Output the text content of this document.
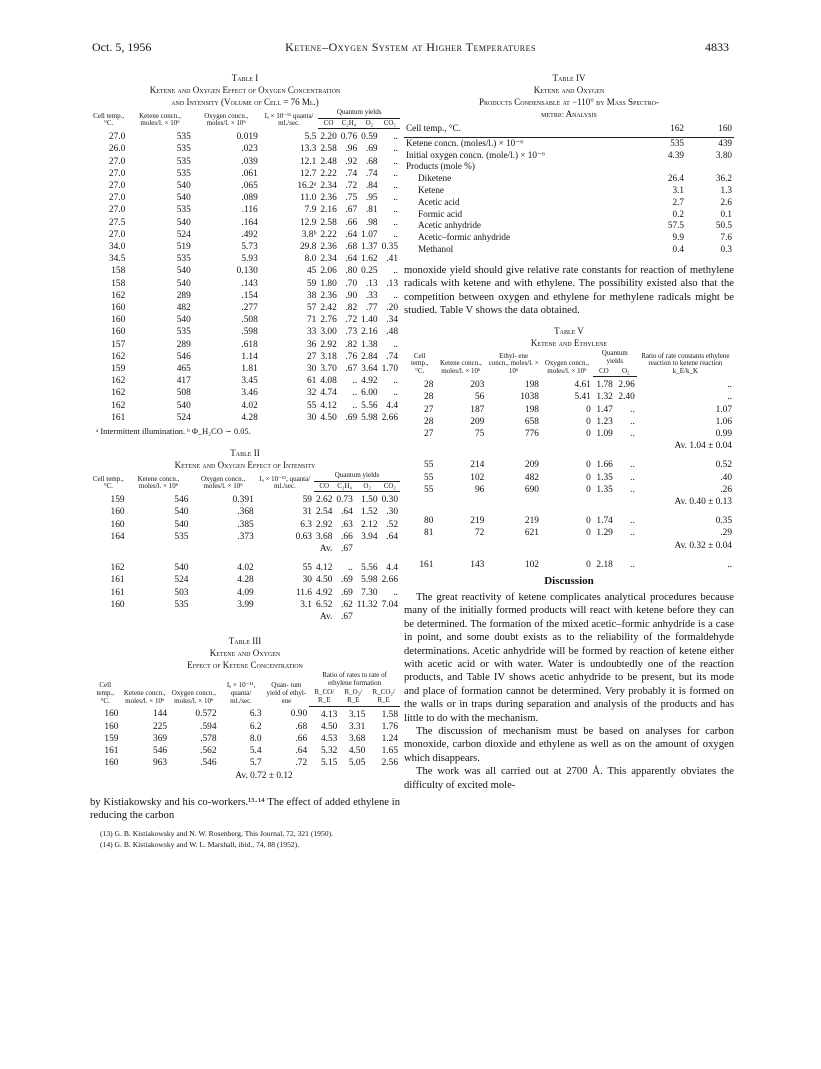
Oct. 5, 1956	Ketene–Oxygen System at Higher Temperatures	4833
Table I
Ketene and Oxygen Effect of Oxygen Concentration
and Intensity (Volume of Cell = 76 Ml.)
Cell temp., °C.	Ketene concn., moles/l. × 10⁶	Oxygen concn., moles/l. × 10⁶	Iₐ × 10⁻¹¹ quanta/ ml./sec.	Quantum yields			
				CO	C₂H₄	O₂	CO₂
27.0	535	0.019	5.5	2.20	0.76	0.59	..
26.0	535	.023	13.3	2.58	.96	.69	..
27.0	535	.039	12.1	2.48	.92	.68	..
27.0	535	.061	12.7	2.22	.74	.74	..
27.0	540	.065	16.2ᵃ	2.34	.72	.84	..
27.0	540	.089	11.0	2.36	.75	.95	..
27.0	535	.116	7.9	2.16	.67	.81	..
27.5	540	.164	12.9	2.58	.66	.98	..
27.0	524	.492	3.8ᵇ	2.22	.64	1.07	..
34.0	519	5.73	29.8	2.36	.68	1.37	0.35
34.5	535	5.93	8.0	2.34	.64	1.62	.41
158	540	0.130	45	2.06	.80	0.25	..
158	540	.143	59	1.80	.70	.13	.13
162	289	.154	38	2.36	.90	.33	..
160	482	.277	57	2.42	.82	.77	.20
160	540	.508	71	2.76	.72	1.40	.34
160	535	.598	33	3.00	.73	2.16	.48
157	289	.618	36	2.92	.82	1.38	..
162	546	1.14	27	3.18	.76	2.84	.74
159	465	1.81	30	3.70	.67	3.64	1.70
162	417	3.45	61	4.08	..	4.92	..
162	508	3.46	32	4.74	..	6.00	..
162	540	4.02	55	4.12	..	5.56	4.4
161	524	4.28	30	4.50	.69	5.98	2.66
ᵃ Intermittent illumination. ᵇ Φ_H₂CO ∼ 0.05.
Table II
Ketene and Oxygen Effect of Intensity
Cell temp., °C.	Ketene concn., moles/l. × 10⁶	Oxygen concn., moles/l. × 10⁶	Iₐ × 10⁻¹¹, quanta/ ml./sec.	Quantum yields			
				CO	C₂H₄	O₂	CO₂
159	546	0.391	59	2.62	0.73	1.50	0.30
160	540	.368	31	2.54	.64	1.52	.30
160	540	.385	6.3	2.92	.63	2.12	.52
164	535	.373	0.63	3.68	.66	3.94	.64
				Av.	.67		

162	540	4.02	55	4.12	..	5.56	4.4
161	524	4.28	30	4.50	.69	5.98	2.66
161	503	4.09	11.6	4.92	.69	7.30	..
160	535	3.99	3.1	6.52	.62	11.32	7.04
				Av.	.67		
Table III
Ketene and Oxygen
Effect of Ketene Concentration
Cell temp., °C.	Ketene concn., moles/l. × 10⁶	Oxygen concn., moles/l. × 10⁶	Iₐ × 10⁻¹¹, quanta/ ml./sec.	Quan- tum yield of ethyl- ene	Ratio of rates to rate of ethylene formation		
					R_CO/ R_E	R_O₂/ R_E	R_CO₂/ R_E
160	144	0.572	6.3	0.90	4.13	3.15	1.58
160	225	.594	6.2	.68	4.50	3.31	1.76
159	369	.578	8.0	.66	4.53	3.68	1.24
161	546	.562	5.4	.64	5.32	4.50	1.65
160	963	.546	5.7	.72	5.15	5.05	2.56
Av. 0.72 ± 0.12							

by Kistiakowsky and his co-workers.¹³·¹⁴ The effect of added ethylene in reducing the carbon

(13) G. B. Kistiakowsky and N. W. Rosenberg, This Journal, 72, 321 (1950).

(14) G. B. Kistiakowsky and W. L. Marshall, ibid., 74, 88 (1952).

Table IV
Ketene and Oxygen
Products Condensable at −110° by Mass Spectro-
metric Analysis
Cell temp., °C.	162	160
Ketene concn. (moles/l.) × 10⁻⁶	535	439
Initial oxygen concn. (mole/l.) × 10⁻⁶	4.39	3.80
Products (mole %)		
Diketene	26.4	36.2
Ketene	3.1	1.3
Acetic acid	2.7	2.6
Formic acid	0.2	0.1
Acetic anhydride	57.5	50.5
Acetic–formic anhydride	9.9	7.6
Methanol	0.4	0.3

monoxide yield should give relative rate constants for reaction of methylene radicals with ketene and with ethylene. The possibility existed also that the competition between oxygen and ethylene for methylene radicals might be studied. Table V shows the data obtained.

Table V
Ketene and Ethylene
Cell temp., °C.	Ketene concn., moles/l. × 10⁶	Ethyl- ene concn., moles/l. × 10⁶	Oxygen concn., moles/l. × 10⁶	Quantum yields		Ratio of rate constants ethylene reaction to ketene reaction k_E/k_K
				CO	O₂	
28	203	198	4.61	1.78	2.96	..
28	56	1038	5.41	1.32	2.40	..
27	187	198	0	1.47	..	1.07
28	209	658	0	1.23	..	1.06
27	75	776	0	1.09	..	0.99
Av. 1.04 ± 0.04						

55	214	209	0	1.66	..	0.52
55	102	482	0	1.35	..	.40
55	96	690	0	1.35	..	.26
Av. 0.40 ± 0.13						

80	219	219	0	1.74	..	0.35
81	72	621	0	1.29	..	.29
Av. 0.32 ± 0.04						

161	143	102	0	2.18	..	..
Discussion

The great reactivity of ketene complicates analytical procedures because many of the initially formed products will react with ketene before they can be determined. The formation of the mixed acetic–formic anhydride is a case in point, and some doubt exists as to the reliability of the formaldehyde determinations. Acetic anhydride will be formed by reaction of ketene either with acetic acid or with water. Water is undoubtedly one of the reaction products, and Table IV shows acetic anhydride to be present, but its mode and place of formation cannot be determined. Very probably it is formed on the walls or in traps during separation and analysis of the products and has little to do with the mechanism.

The discussion of mechanism must be based on analyses for carbon monoxide, carbon dioxide and ethylene as well as on the amount of oxygen which disappears.

The work was all carried out at 2700 Å. This apparently obviates the difficulty of excited mole-
